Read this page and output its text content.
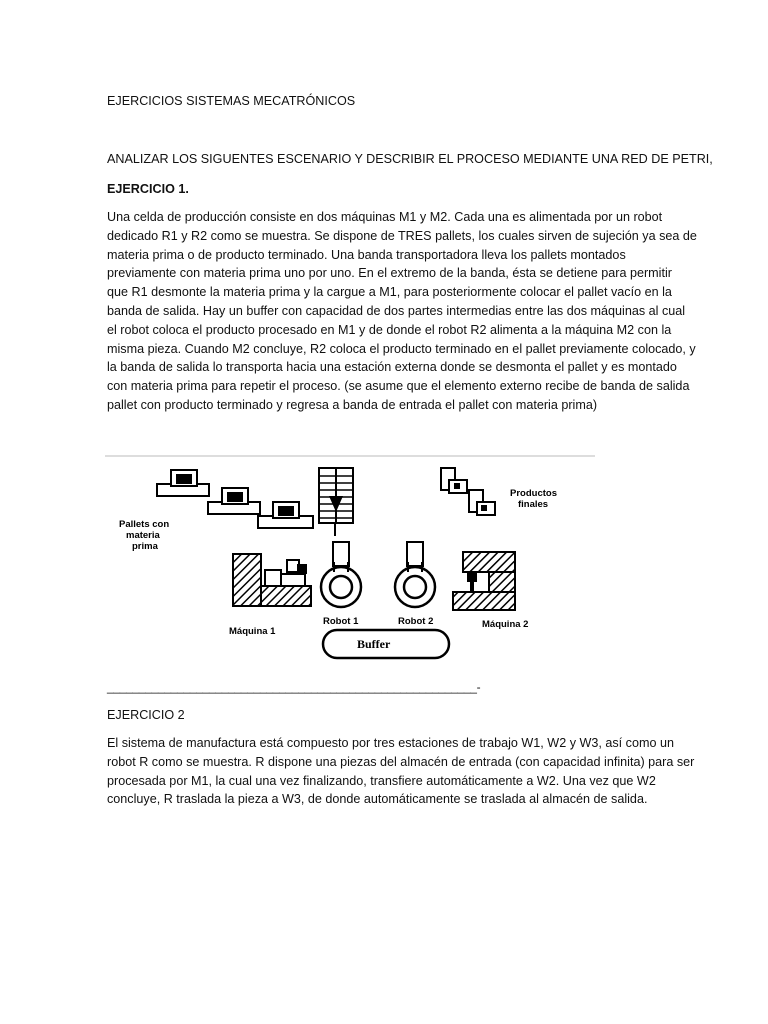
EJERCICIOS SISTEMAS MECATRÓNICOS
ANALIZAR LOS SIGUENTES ESCENARIO Y DESCRIBIR EL PROCESO MEDIANTE UNA RED DE PETRI,
EJERCICIO 1.
Una celda de producción consiste en dos máquinas M1 y M2. Cada una es alimentada por un robot
dedicado R1 y R2 como se muestra. Se dispone de TRES pallets, los cuales sirven de sujeción ya sea de
materia prima o de producto terminado. Una banda transportadora lleva los pallets montados
previamente con materia prima uno por uno. En el extremo de la banda, ésta se detiene para permitir
que R1 desmonte la materia prima y la cargue a M1, para posteriormente colocar el pallet vacío en la
banda de salida. Hay un buffer con capacidad de dos partes intermedias entre las dos máquinas al cual
el robot coloca el producto procesado en M1 y de donde el robot R2 alimenta a la máquina M2 con la
misma pieza. Cuando M2 concluye, R2 coloca el producto terminado en el pallet previamente colocado, y
la banda de salida lo transporta hacia una estación externa donde se desmonta el pallet y es montado
con materia prima para repetir el proceso. (se asume que el elemento externo recibe de banda de salida
pallet con producto terminado y regresa a banda de entrada el pallet con materia prima)
Pallets con
materia
prima
Productos
finales
Máquina 1
Robot 1	Robot 2	Máquina 2
Buffer
__________________________________________________________-
EJERCICIO 2
El sistema de manufactura está compuesto por tres estaciones de trabajo W1, W2 y W3, así como un
robot R como se muestra. R dispone una piezas del almacén de entrada (con capacidad infinita) para ser
procesada por M1, la cual una vez finalizando, transfiere automáticamente a W2. Una vez que W2
concluye, R traslada la pieza a W3, de donde automáticamente se traslada al almacén de salida.
